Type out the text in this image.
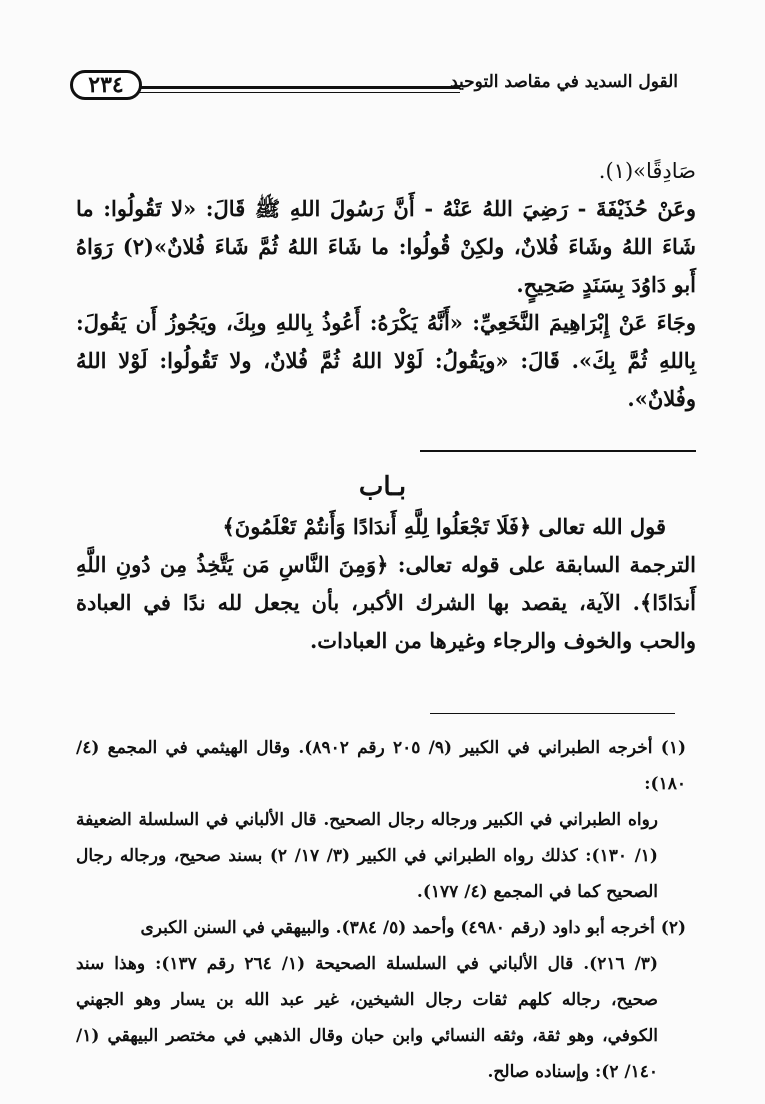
٢٣٤	القول السديد في مقاصد التوحيد

صَادِقًا»(١).

وعَنْ حُذَيْفَةَ - رَضِيَ اللهُ عَنْهُ - أَنَّ رَسُولَ اللهِ ﷺ قَالَ: «لا تَقُولُوا: ما شَاءَ اللهُ وشَاءَ فُلانٌ، ولكِنْ قُولُوا: ما شَاءَ اللهُ ثُمَّ شَاءَ فُلانٌ»(٢) رَوَاهُ أَبو دَاوُدَ بِسَنَدٍ صَحِيحٍ.

وجَاءَ عَنْ إِبْرَاهِيمَ النَّخَعِيِّ: «أَنَّهُ يَكْرَهُ: أَعُوذُ بِاللهِ وبِكَ، ويَجُوزُ أَن يَقُولَ: بِاللهِ ثُمَّ بِكَ». قَالَ: «ويَقُولُ: لَوْلا اللهُ ثُمَّ فُلانٌ، ولا تَقُولُوا: لَوْلا اللهُ وفُلانٌ».

بـاب

قول الله تعالى ﴿فَلَا تَجْعَلُوا لِلَّهِ أَندَادًا وَأَنتُمْ تَعْلَمُونَ﴾

الترجمة السابقة على قوله تعالى: ﴿وَمِنَ النَّاسِ مَن يَتَّخِذُ مِن دُونِ اللَّهِ أَندَادًا﴾. الآية، يقصد بها الشرك الأكبر، بأن يجعل لله ندًا في العبادة والحب والخوف والرجاء وغيرها من العبادات.

(١) أخرجه الطبراني في الكبير (٩/ ٢٠٥ رقم ٨٩٠٢). وقال الهيثمي في المجمع (٤/ ١٨٠):

رواه الطبراني في الكبير ورجاله رجال الصحيح. قال الألباني في السلسلة الضعيفة (١/ ١٣٠): كذلك رواه الطبراني في الكبير (٣/ ١٧/ ٢) بسند صحيح، ورجاله رجال الصحيح كما في المجمع (٤/ ١٧٧).

(٢) أخرجه أبو داود (رقم ٤٩٨٠) وأحمد (٥/ ٣٨٤). والبيهقي في السنن الكبرى

(٣/ ٢١٦). قال الألباني في السلسلة الصحيحة (١/ ٢٦٤ رقم ١٣٧): وهذا سند صحيح، رجاله كلهم ثقات رجال الشيخين، غير عبد الله بن يسار وهو الجهني الكوفي، وهو ثقة، وثقه النسائي وابن حبان وقال الذهبي في مختصر البيهقي (١/ ١٤٠/ ٢): وإسناده صالح.
